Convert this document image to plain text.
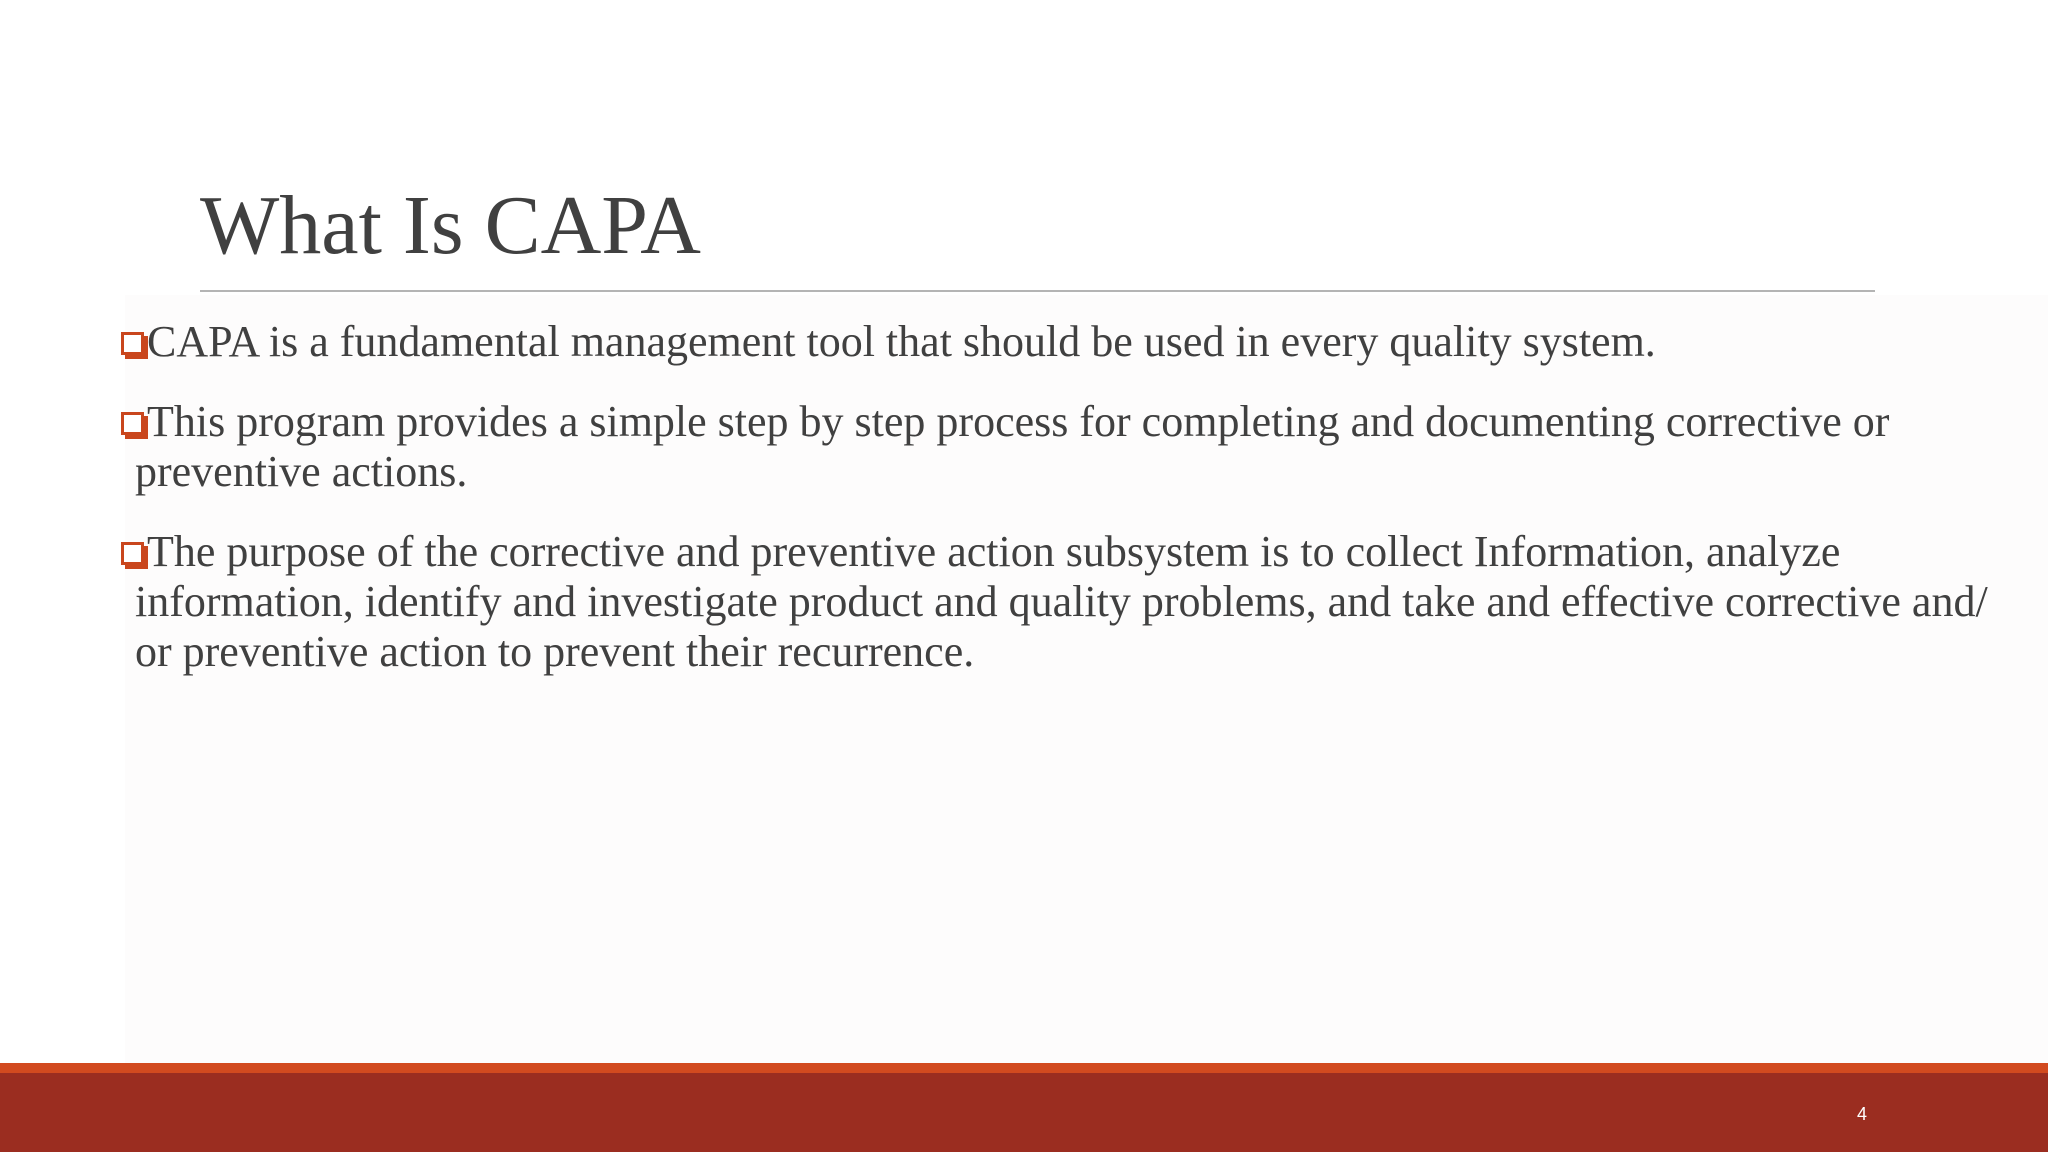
What Is CAPA
CAPA is a fundamental management tool that should be used in every quality system.
This program provides a simple step by step process for completing and documenting corrective or preventive actions.
The purpose of the corrective and preventive action subsystem is to collect Information, analyze information, identify and investigate product and quality problems, and take and effective corrective and/ or preventive action to prevent their recurrence.
4
